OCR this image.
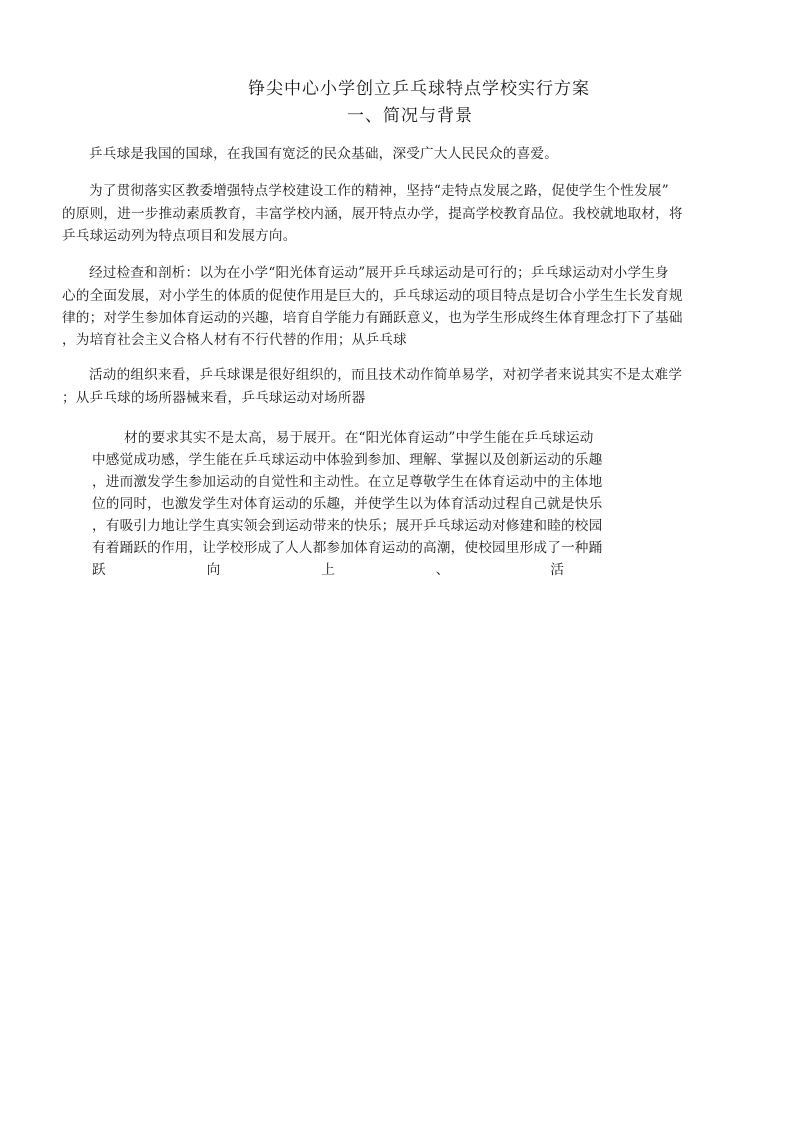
铮尖中心小学创立乒乓球特点学校实行方案
一、简况与背景
乒乓球是我国的国球，在我国有宽泛的民众基础，深受广大人民民众的喜爱。
为了贯彻落实区教委增强特点学校建设工作的精神，坚持“走特点发展之路，促使学生个性发展”
的原则，进一步推动素质教育，丰富学校内涵，展开特点办学，提高学校教育品位。我校就地取材，将
乒乓球运动列为特点项目和发展方向。
经过检查和剖析：以为在小学“阳光体育运动”展开乒乓球运动是可行的；乒乓球运动对小学生身
心的全面发展，对小学生的体质的促使作用是巨大的，乒乓球运动的项目特点是切合小学生生长发育规
律的；对学生参加体育运动的兴趣，培育自学能力有踊跃意义，也为学生形成终生体育理念打下了基础
，为培育社会主义合格人材有不行代替的作用；从乒乓球
活动的组织来看，乒乓球课是很好组织的，而且技术动作简单易学，对初学者来说其实不是太难学
；从乒乓球的场所器械来看，乒乓球运动对场所器
材的要求其实不是太高，易于展开。在“阳光体育运动”中学生能在乒乓球运动
中感觉成功感，学生能在乒乓球运动中体验到参加、理解、掌握以及创新运动的乐趣
，进而激发学生参加运动的自觉性和主动性。在立足尊敬学生在体育运动中的主体地
位的同时，也激发学生对体育运动的乐趣，并使学生以为体育活动过程自己就是快乐
，有吸引力地让学生真实领会到运动带来的快乐；展开乒乓球运动对修建和睦的校园
有着踊跃的作用，让学校形成了人人都参加体育运动的高潮，使校园里形成了一种踊
跃	向	上	、	活
